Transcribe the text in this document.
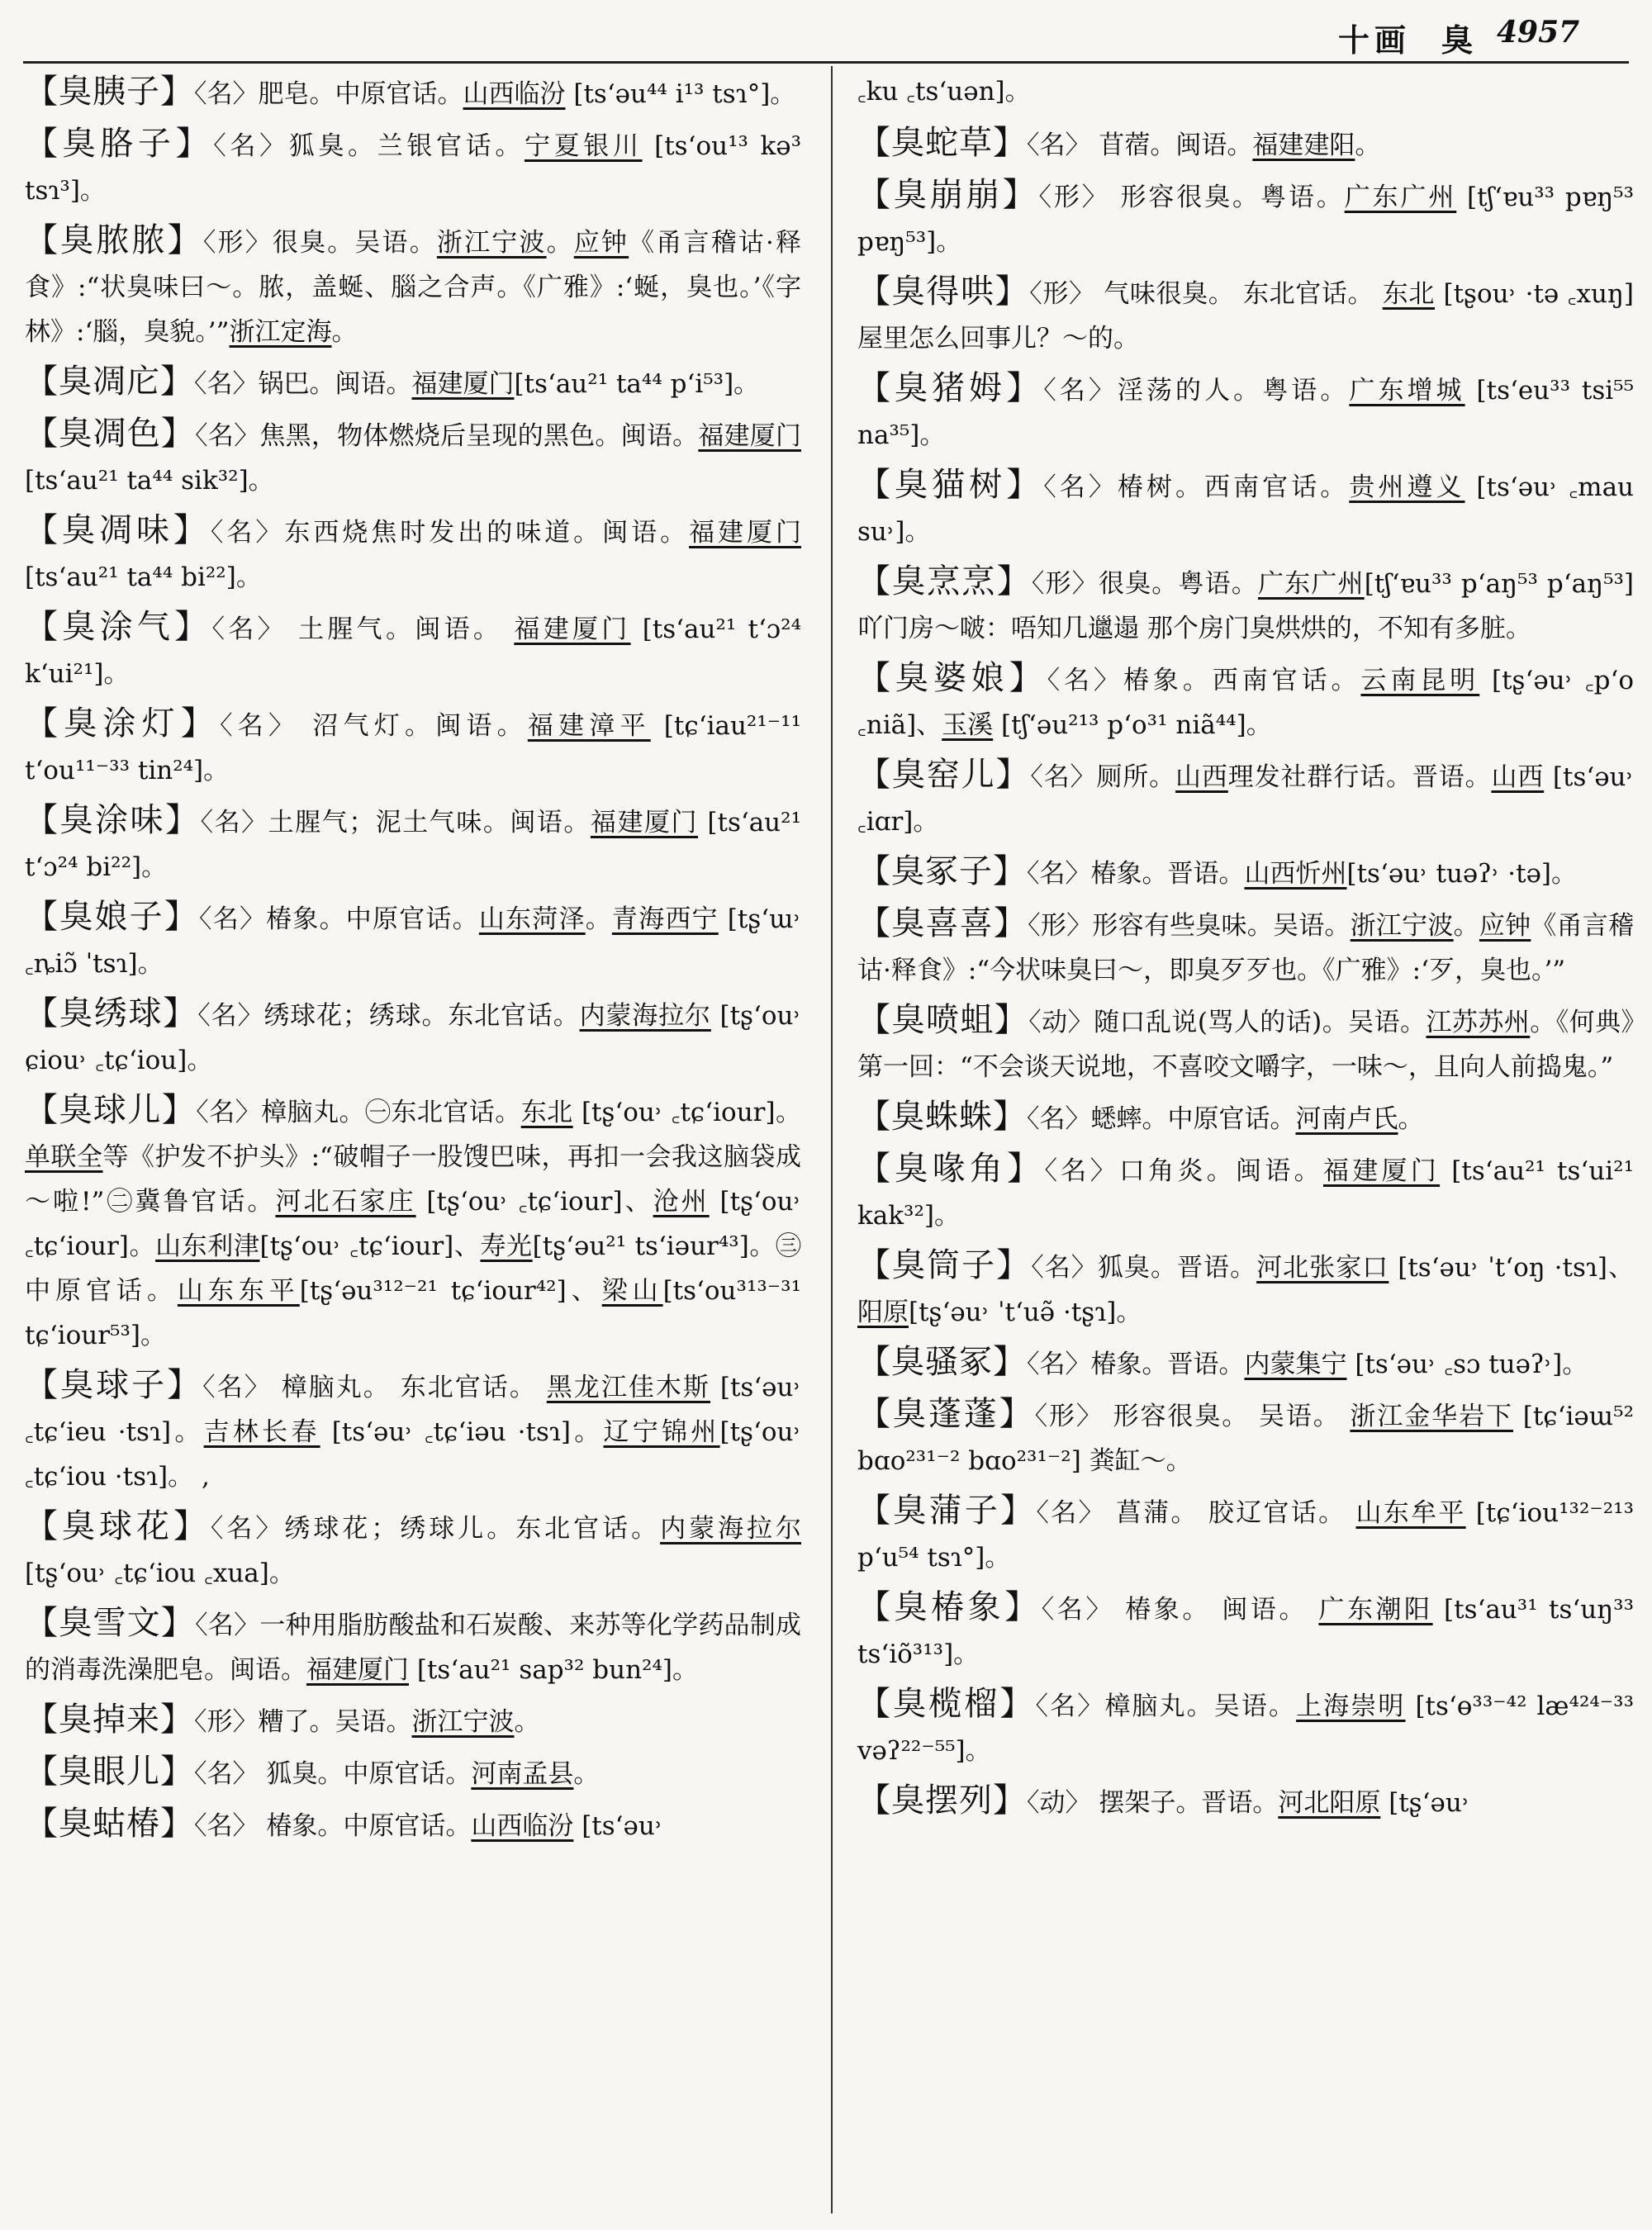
十画 臭 4957

【臭胰子】〈名〉肥皂。中原官话。山西临汾 [tsʻəu⁴⁴ i¹³ tsɿ°]。

【臭胳子】〈名〉狐臭。兰银官话。宁夏银川 [tsʻou¹³ kə³ tsɿ³]。

【臭脓脓】〈形〉很臭。吴语。浙江宁波。应钟《甬言稽诂·释食》:“状臭味曰～。脓，盖蜒、腦之合声。《广雅》:‘蜒，臭也。’《字林》:‘腦，臭貌。’”浙江定海。

【臭凋庀】〈名〉锅巴。闽语。福建厦门[tsʻau²¹ ta⁴⁴ pʻi⁵³]。

【臭凋色】〈名〉焦黑，物体燃烧后呈现的黑色。闽语。福建厦门 [tsʻau²¹ ta⁴⁴ sik³²]。

【臭凋味】〈名〉东西烧焦时发出的味道。闽语。福建厦门 [tsʻau²¹ ta⁴⁴ bi²²]。

【臭涂气】〈名〉 土腥气。闽语。 福建厦门 [tsʻau²¹ tʻɔ²⁴ kʻui²¹]。

【臭涂灯】〈名〉 沼气灯。闽语。福建漳平 [tɕʻiau²¹⁻¹¹ tʻou¹¹⁻³³ tin²⁴]。

【臭涂味】〈名〉土腥气；泥土气味。闽语。福建厦门 [tsʻau²¹ tʻɔ²⁴ bi²²]。

【臭娘子】〈名〉椿象。中原官话。山东菏泽。青海西宁 [tʂʻɯ˒ ꜀ȵiɔ̃ ˈtsɿ]。

【臭绣球】〈名〉绣球花；绣球。东北官话。内蒙海拉尔 [tʂʻou˒ ɕiou˒ ꜀tɕʻiou]。

【臭球儿】〈名〉樟脑丸。㊀东北官话。东北 [tʂʻou˒ ꜀tɕʻiour]。单联全等《护发不护头》:“破帽子一股馊巴味，再扣一会我这脑袋成～啦!”㊁冀鲁官话。河北石家庄 [tʂʻou˒ ꜀tɕʻiour]、沧州 [tʂʻou˒ ꜀tɕʻiour]。山东利津[tʂʻou˒ ꜀tɕʻiour]、寿光[tʂʻəu²¹ tsʻiəur⁴³]。㊂中原官话。山东东平[tʂʻəu³¹²⁻²¹ tɕʻiour⁴²]、梁山[tsʻou³¹³⁻³¹ tɕʻiour⁵³]。

【臭球子】〈名〉 樟脑丸。 东北官话。 黑龙江佳木斯 [tsʻəu˒ ꜀tɕʻieu ·tsɿ]。吉林长春 [tsʻəu˒ ꜀tɕʻiəu ·tsɿ]。辽宁锦州[tʂʻou˒ ꜀tɕʻiou ·tsɿ]。 ,

【臭球花】〈名〉绣球花；绣球儿。东北官话。内蒙海拉尔 [tʂʻou˒ ꜀tɕʻiou ꜀xua]。

【臭雪文】〈名〉一种用脂肪酸盐和石炭酸、来苏等化学药品制成的消毒洗澡肥皂。闽语。福建厦门 [tsʻau²¹ sap³² bun²⁴]。

【臭掉来】〈形〉糟了。吴语。浙江宁波。

【臭眼儿】〈名〉 狐臭。中原官话。河南孟县。

【臭蛄椿】〈名〉 椿象。中原官话。山西临汾 [tsʻəu˒

꜀ku ꜀tsʻuən]。

【臭蛇草】〈名〉 苜蓿。闽语。福建建阳。

【臭崩崩】〈形〉 形容很臭。粤语。广东广州 [tʃʻɐu³³ pɐŋ⁵³ pɐŋ⁵³]。

【臭得哄】〈形〉 气味很臭。 东北官话。 东北 [tʂou˒ ·tə ꜀xuŋ] 屋里怎么回事儿？～的。

【臭猪姆】〈名〉淫荡的人。粤语。广东增城 [tsʻeu³³ tsi⁵⁵ na³⁵]。

【臭猫树】〈名〉椿树。西南官话。贵州遵义 [tsʻəu˒ ꜀mau su˒]。

【臭烹烹】〈形〉很臭。粤语。广东广州[tʃʻɐu³³ pʻaŋ⁵³ pʻaŋ⁵³] 吖门房～啵：唔知几邋遢 那个房门臭烘烘的，不知有多脏。

【臭婆娘】〈名〉椿象。西南官话。云南昆明 [tʂʻəu˒ ꜀pʻo ꜀niã]、玉溪 [tʃʻəu²¹³ pʻo³¹ niã⁴⁴]。

【臭窑儿】〈名〉厕所。山西理发社群行话。晋语。山西 [tsʻəu˒ ꜀iɑr]。

【臭冢子】〈名〉椿象。晋语。山西忻州[tsʻəu˒ tuəʔ˒ ·tə]。

【臭喜喜】〈形〉形容有些臭味。吴语。浙江宁波。应钟《甬言稽诂·释食》:“今状味臭曰～，即臭歹歹也。《广雅》:‘歹，臭也。’”

【臭喷蛆】〈动〉随口乱说(骂人的话)。吴语。江苏苏州。《何典》第一回：“不会谈天说地，不喜咬文嚼字，一味～，且向人前捣鬼。”

【臭蛛蛛】〈名〉蟋蟀。中原官话。河南卢氏。

【臭喙角】〈名〉口角炎。闽语。福建厦门 [tsʻau²¹ tsʻui²¹ kak³²]。

【臭筒子】〈名〉狐臭。晋语。河北张家口 [tsʻəu˒ ˈtʻoŋ ·tsɿ]、阳原[tʂʻəu˒ ˈtʻuə̃ ·tʂɿ]。

【臭骚冢】〈名〉椿象。晋语。内蒙集宁 [tsʻəu˒ ꜀sɔ tuəʔ˒]。

【臭蓬蓬】〈形〉 形容很臭。 吴语。 浙江金华岩下 [tɕʻiəɯ⁵² bɑo²³¹⁻² bɑo²³¹⁻²] 粪缸～。

【臭蒲子】〈名〉 菖蒲。 胶辽官话。 山东牟平 [tɕʻiou¹³²⁻²¹³ pʻu⁵⁴ tsɿ°]。

【臭椿象】〈名〉 椿象。 闽语。 广东潮阳 [tsʻau³¹ tsʻuŋ³³ tsʻiõ³¹³]。

【臭榄榴】〈名〉樟脑丸。吴语。上海崇明 [tsʻɵ³³⁻⁴² læ⁴²⁴⁻³³ vəʔ²²⁻⁵⁵]。

【臭摆列】〈动〉 摆架子。晋语。河北阳原 [tʂʻəu˒
